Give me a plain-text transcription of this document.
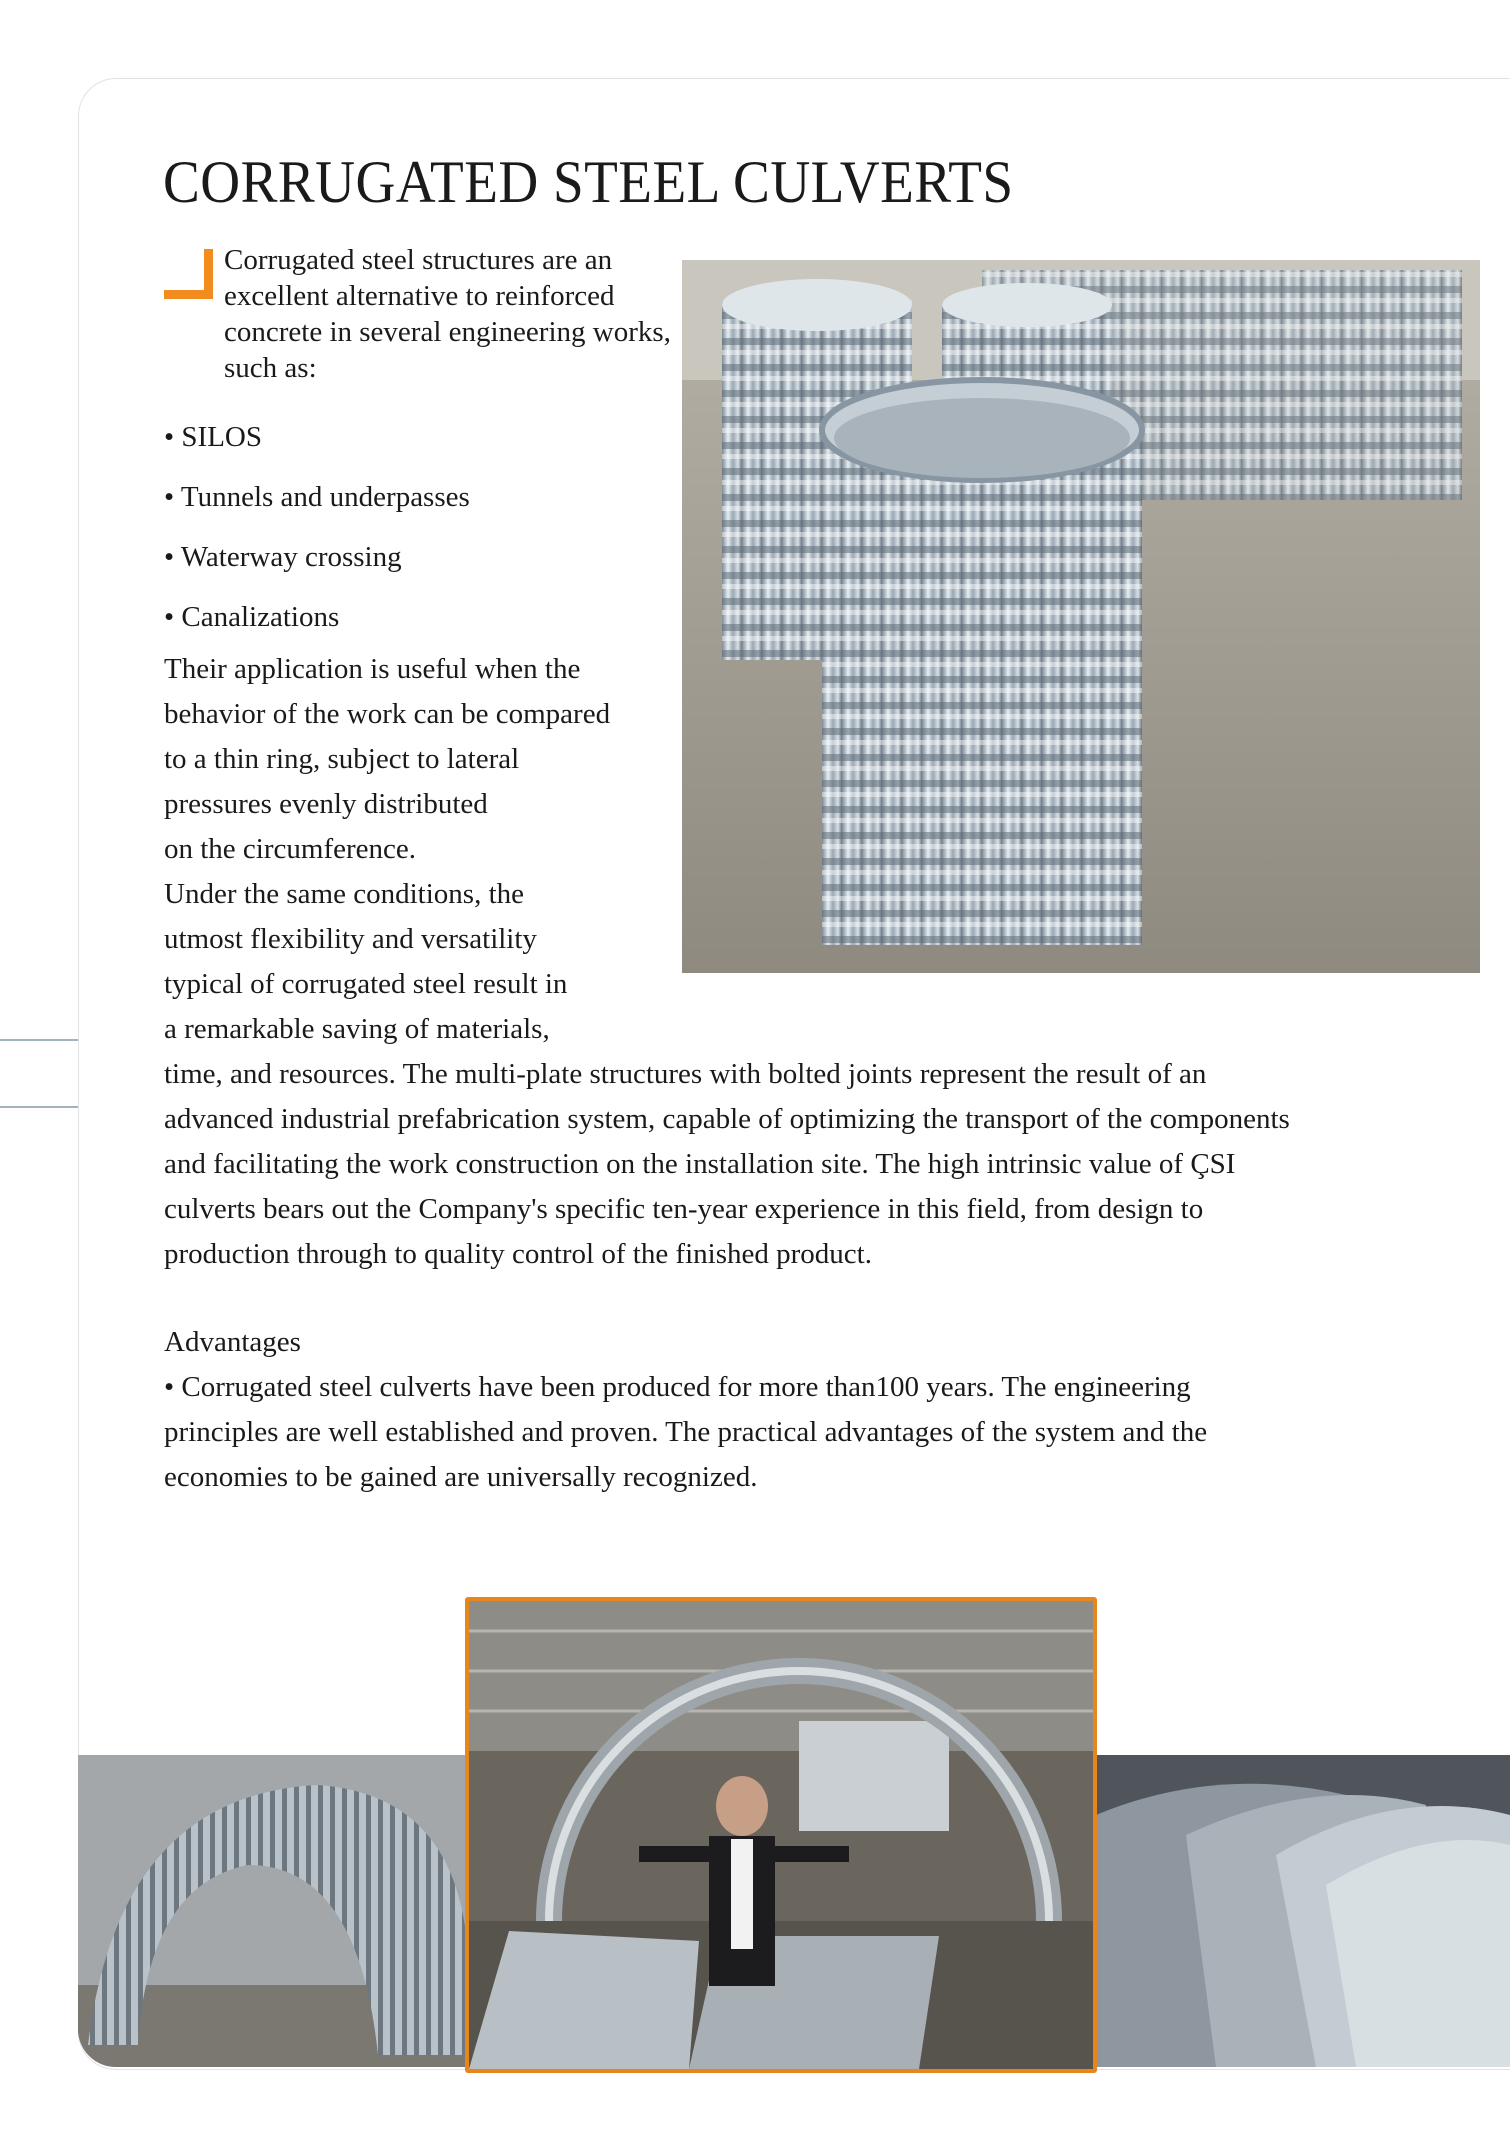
CORRUGATED STEEL CULVERTS
Corrugated steel structures are an excellent alternative to reinforced concrete in several engineering works, such as:
• SILOS
• Tunnels and underpasses
• Waterway crossing
• Canalizations
Their application is useful when the
behavior of the work can be compared
to a thin ring, subject to lateral
pressures evenly distributed
on the circumference.
Under the same conditions, the
utmost flexibility and versatility
typical of corrugated steel result in
a remarkable saving of materials,
time, and resources. The multi-plate structures with bolted joints represent the result of an
advanced industrial prefabrication system, capable of optimizing the transport of the components
and facilitating the work construction on the installation site. The high intrinsic value of ÇSI
culverts bears out the Company's specific ten-year experience in this field, from design to
production through to quality control of the finished product.
Advantages
• Corrugated steel culverts have been produced for more than100 years. The engineering
principles are well established and proven. The practical advantages of the system and the
economies to be gained are universally recognized.
